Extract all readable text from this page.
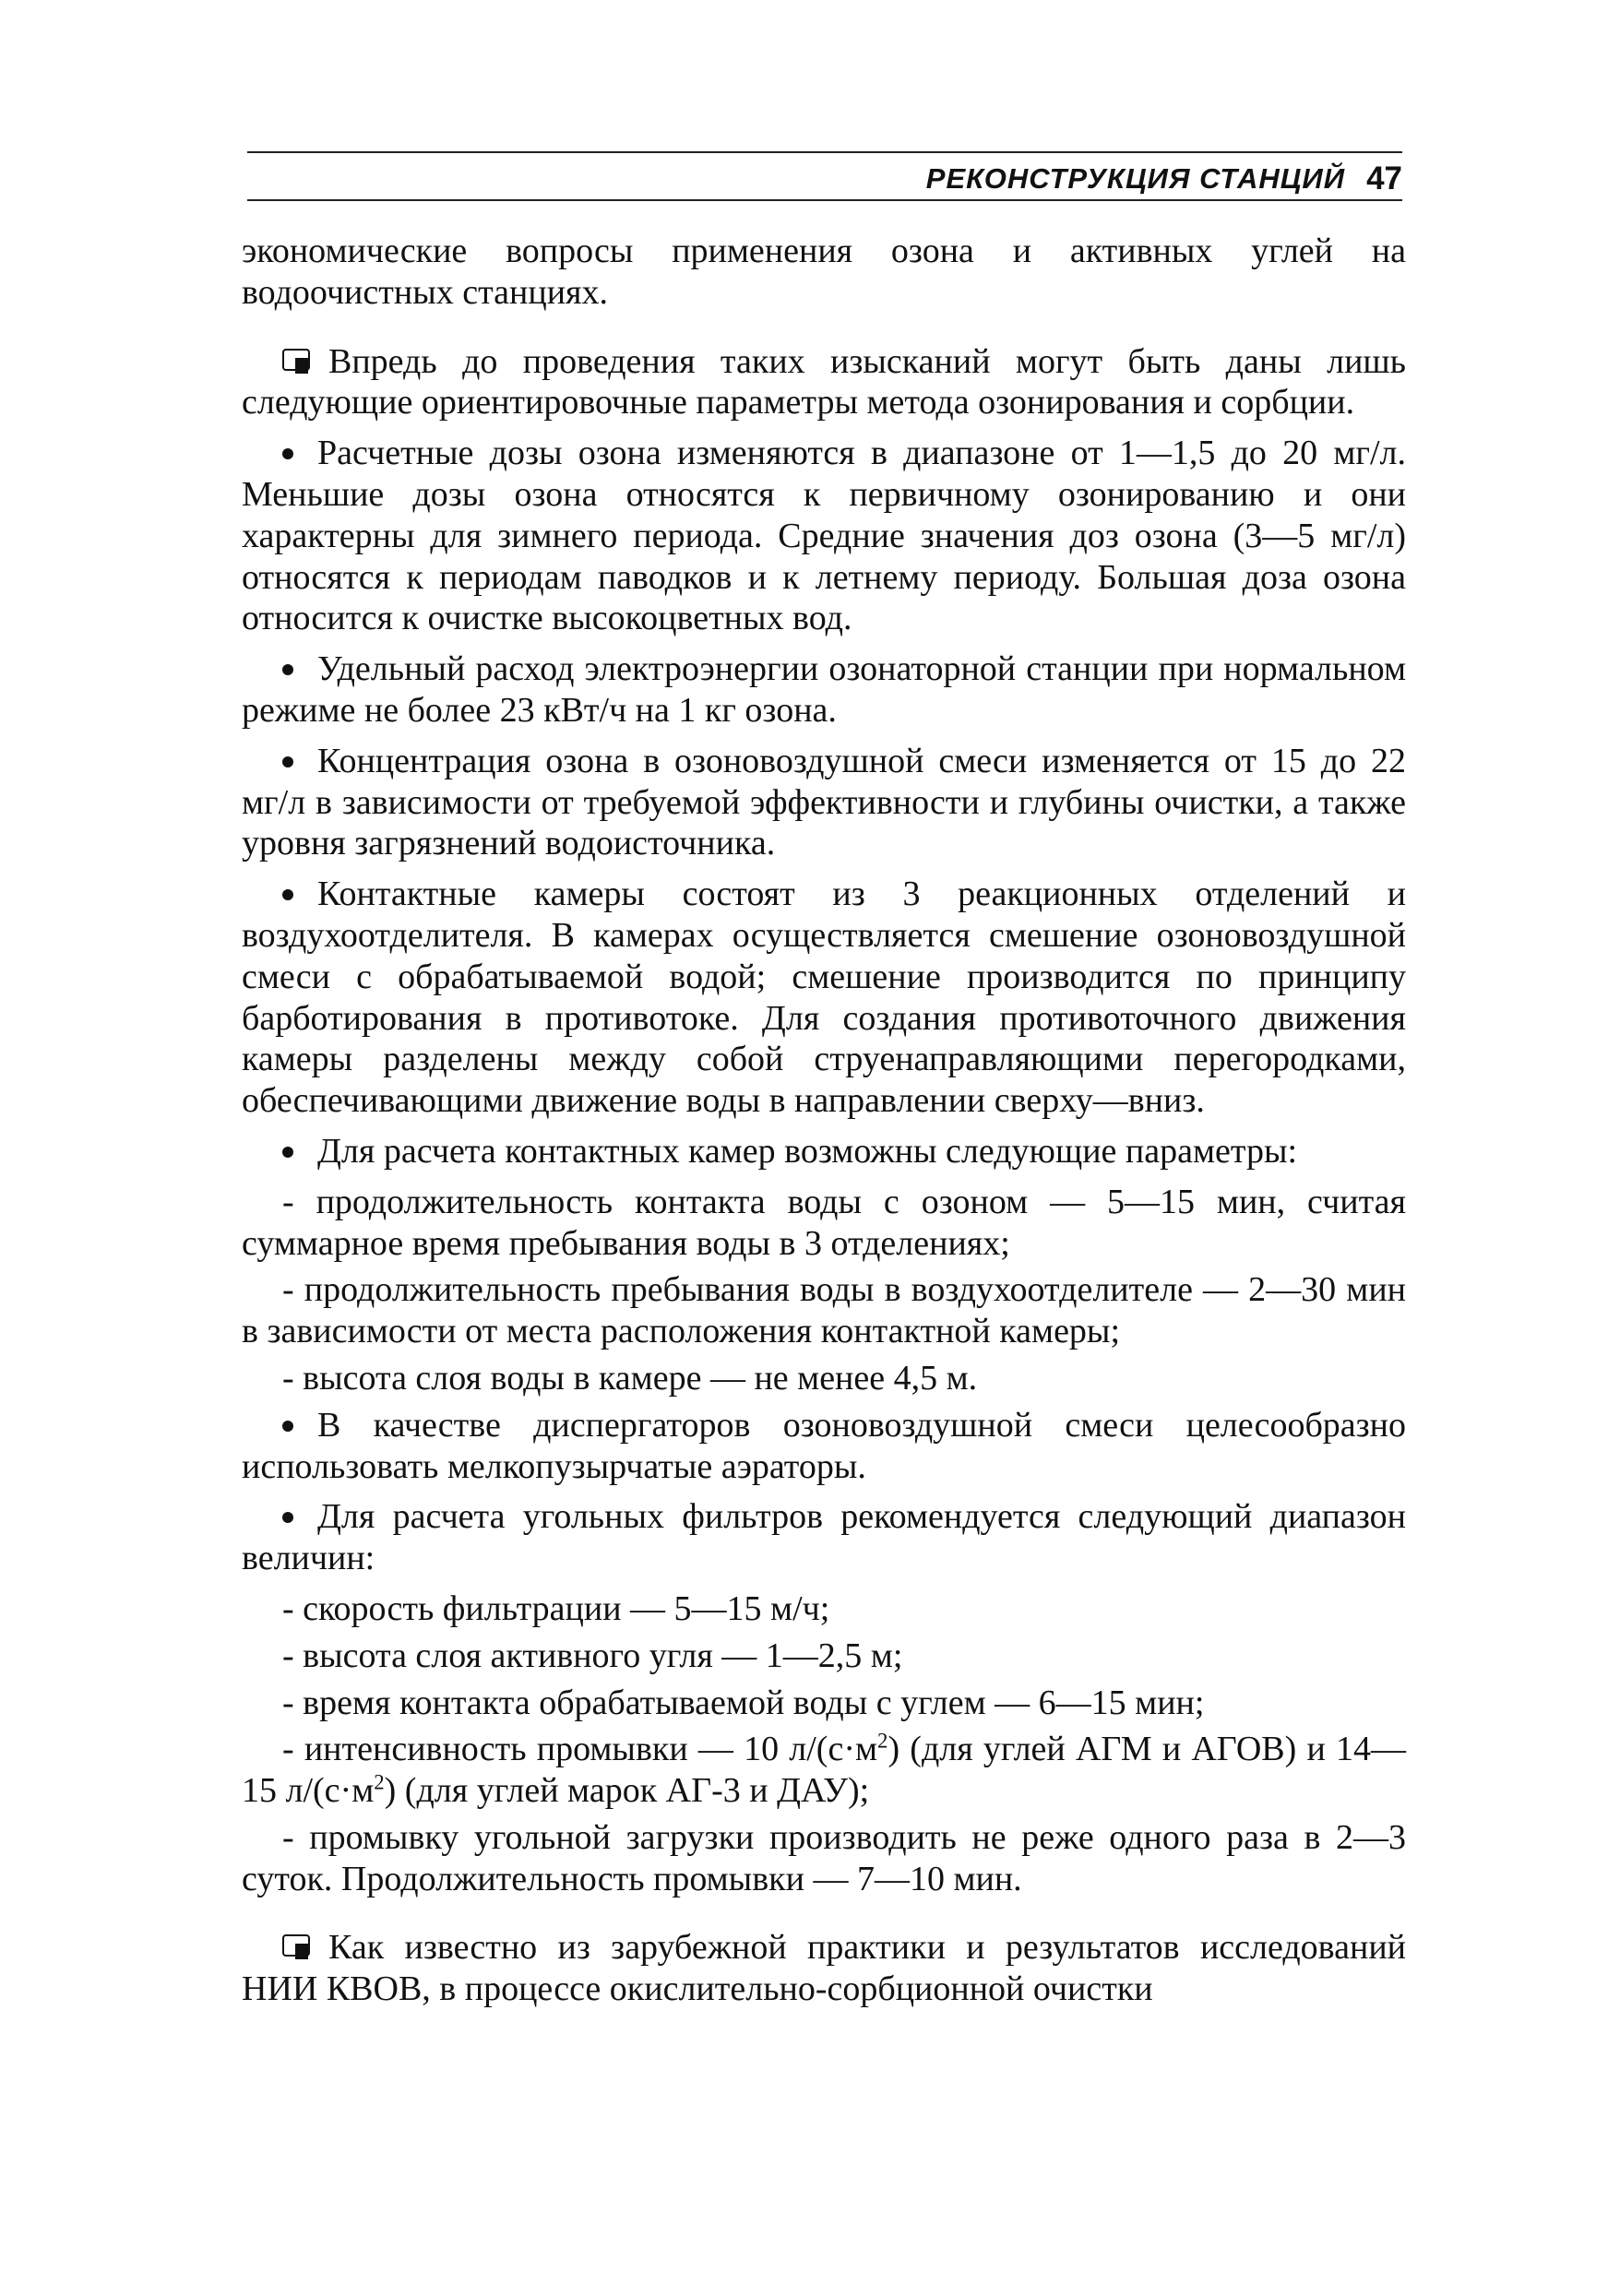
РЕКОНСТРУКЦИЯ СТАНЦИЙ 47

экономические вопросы применения озона и активных углей на водоочистных станциях.

Впредь до проведения таких изысканий могут быть даны лишь следующие ориентировочные параметры метода озонирования и сорбции.

Расчетные дозы озона изменяются в диапазоне от 1—1,5 до 20 мг/л. Меньшие дозы озона относятся к первичному озонированию и они характерны для зимнего периода. Средние значения доз озона (3—5 мг/л) относятся к периодам паводков и к летнему периоду. Большая доза озона относится к очистке высокоцветных вод.

Удельный расход электроэнергии озонаторной станции при нормальном режиме не более 23 кВт/ч на 1 кг озона.

Концентрация озона в озоновоздушной смеси изменяется от 15 до 22 мг/л в зависимости от требуемой эффективности и глубины очистки, а также уровня загрязнений водоисточника.

Контактные камеры состоят из 3 реакционных отделений и воздухоотделителя. В камерах осуществляется смешение озоновоздушной смеси с обрабатываемой водой; смешение производится по принципу барботирования в противотоке. Для создания противоточного движения камеры разделены между собой струенаправляющими перегородками, обеспечивающими движение воды в направлении сверху—вниз.

Для расчета контактных камер возможны следующие параметры:

- продолжительность контакта воды с озоном — 5—15 мин, считая суммарное время пребывания воды в 3 отделениях;

- продолжительность пребывания воды в воздухоотделителе — 2—30 мин в зависимости от места расположения контактной камеры;

- высота слоя воды в камере — не менее 4,5 м.

В качестве диспергаторов озоновоздушной смеси целесообразно использовать мелкопузырчатые аэраторы.

Для расчета угольных фильтров рекомендуется следующий диапазон величин:

- скорость фильтрации — 5—15 м/ч;

- высота слоя активного угля — 1—2,5 м;

- время контакта обрабатываемой воды с углем — 6—15 мин;

- интенсивность промывки — 10 $л/(с\cdot м^2)$ (для углей АГМ и АГОВ) и 14—15 $л/(с\cdot м^2)$ (для углей марок АГ-3 и ДАУ);

- промывку угольной загрузки производить не реже одного раза в 2—3 суток. Продолжительность промывки — 7—10 мин.

Как известно из зарубежной практики и результатов исследований НИИ КВОВ, в процессе окислительно-сорбционной очистки
